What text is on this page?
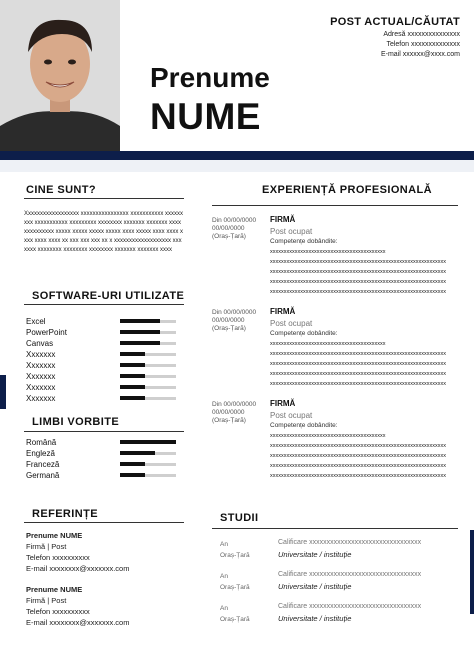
Prenume
NUME
POST ACTUAL/CĂUTAT
Adresă xxxxxxxxxxxxxxx
Telefon xxxxxxxxxxxxxx
E-mail xxxxxx@xxxx.com
CINE SUNT?
Xxxxxxxxxxxxxxxxxx xxxxxxxxxxxxxxxx xxxxxxxxxxx xxxxxxxxx xxxxxxxxxxx xxxxxxxxx xxxxxxxx xxxxxxx xxxxxxx xxxx xxxxxxxxxx xxxxx xxxxx xxxxx xxxxx xxxx xxxxx xxxx xxxx xxxx xxxx xxxx xx xxx xxx xxx xx x xxxxxxxxxxxxxxxxxxx xxxxxxx xxxxxxxx xxxxxxxx xxxxxxxx xxxxxxx xxxxxxx xxxx
SOFTWARE-URI UTILIZATE
Excel
PowerPoint
Canvas
Xxxxxxx
Xxxxxxx
Xxxxxxx
Xxxxxxx
Xxxxxxx
LIMBI VORBITE
Română
Engleză
Franceză
Germană
REFERINȚE
Prenume NUME
Firmă | Post
Telefon xxxxxxxxxx
E-mail xxxxxxxx@xxxxxxx.com
Prenume NUME
Firmă | Post
Telefon xxxxxxxxxx
E-mail xxxxxxxx@xxxxxxx.com
EXPERIENȚĂ PROFESIONALĂ
Din 00/00/0000
00/00/0000
(Oraș-Țară)
FIRMĂ
Post ocupat
Competențe dobândite:
xxxxxxxxxxxxxxxxxxxxxxxxxxxxxxxxxxxxxxxxxx
xxxxxxxxxxxxxxxxxxxxxxxxxxxxxxxxxxxxxxxxxxxxxxxxxxxxxxxxxxxxxxxx
xxxxxxxxxxxxxxxxxxxxxxxxxxxxxxxxxxxxxxxxxxxxxxxxxxxxxxxxxxxxxxxx
xxxxxxxxxxxxxxxxxxxxxxxxxxxxxxxxxxxxxxxxxxxxxxxxxxxxxxxxxxxxxxxx
xxxxxxxxxxxxxxxxxxxxxxxxxxxxxxxxxxxxxxxxxxxxxxxxxxxxxxxxxxxxxxxx
Din 00/00/0000
00/00/0000
(Oraș-Țară)
FIRMĂ
Post ocupat
Competențe dobândite:
xxxxxxxxxxxxxxxxxxxxxxxxxxxxxxxxxxxxxxxxxx
xxxxxxxxxxxxxxxxxxxxxxxxxxxxxxxxxxxxxxxxxxxxxxxxxxxxxxxxxxxxxxxx
xxxxxxxxxxxxxxxxxxxxxxxxxxxxxxxxxxxxxxxxxxxxxxxxxxxxxxxxxxxxxxxx
xxxxxxxxxxxxxxxxxxxxxxxxxxxxxxxxxxxxxxxxxxxxxxxxxxxxxxxxxxxxxxxx
xxxxxxxxxxxxxxxxxxxxxxxxxxxxxxxxxxxxxxxxxxxxxxxxxxxxxxxxxxxxxxxx
Din 00/00/0000
00/00/0000
(Oraș-Țară)
FIRMĂ
Post ocupat
Competențe dobândite:
xxxxxxxxxxxxxxxxxxxxxxxxxxxxxxxxxxxxxxxxxx
xxxxxxxxxxxxxxxxxxxxxxxxxxxxxxxxxxxxxxxxxxxxxxxxxxxxxxxxxxxxxxxx
xxxxxxxxxxxxxxxxxxxxxxxxxxxxxxxxxxxxxxxxxxxxxxxxxxxxxxxxxxxxxxxx
xxxxxxxxxxxxxxxxxxxxxxxxxxxxxxxxxxxxxxxxxxxxxxxxxxxxxxxxxxxxxxxx
xxxxxxxxxxxxxxxxxxxxxxxxxxxxxxxxxxxxxxxxxxxxxxxxxxxxxxxxxxxxxxxx
STUDII
An
Oraș-Țară
Calificare xxxxxxxxxxxxxxxxxxxxxxxxxxxxxxxx
Universitate / instituție
An
Oraș-Țară
Calificare xxxxxxxxxxxxxxxxxxxxxxxxxxxxxxxx
Universitate / instituție
An
Oraș-Țară
Calificare xxxxxxxxxxxxxxxxxxxxxxxxxxxxxxxx
Universitate / instituție
